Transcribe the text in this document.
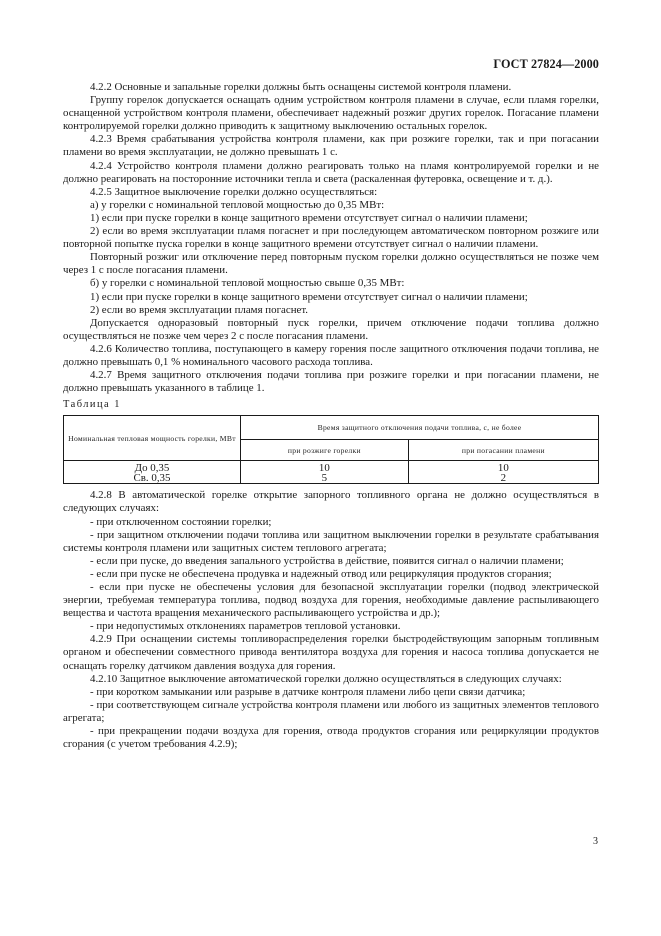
ГОСТ 27824—2000

4.2.2 Основные и запальные горелки должны быть оснащены системой контроля пламени.

Группу горелок допускается оснащать одним устройством контроля пламени в случае, если пламя горелки, оснащенной устройством контроля пламени, обеспечивает надежный розжиг других горелок. Погасание пламени контролируемой горелки должно приводить к защитному выключению остальных горелок.

4.2.3 Время срабатывания устройства контроля пламени, как при розжиге горелки, так и при погасании пламени во время эксплуатации, не должно превышать 1 с.

4.2.4 Устройство контроля пламени должно реагировать только на пламя контролируемой горелки и не должно реагировать на посторонние источники тепла и света (раскаленная футеровка, освещение и т. д.).

4.2.5 Защитное выключение горелки должно осуществляться:

а) у горелки с номинальной тепловой мощностью до 0,35 МВт:

1) если при пуске горелки в конце защитного времени отсутствует сигнал о наличии пламени;

2) если во время эксплуатации пламя погаснет и при последующем автоматическом повторном розжиге или повторной попытке пуска горелки в конце защитного времени отсутствует сигнал о наличии пламени.

Повторный розжиг или отключение перед повторным пуском горелки должно осуществляться не позже чем через 1 с после погасания пламени.

б) у горелки с номинальной тепловой мощностью свыше 0,35 МВт:

1) если при пуске горелки в конце защитного времени отсутствует сигнал о наличии пламени;

2) если во время эксплуатации пламя погаснет.

Допускается одноразовый повторный пуск горелки, причем отключение подачи топлива должно осуществляться не позже чем через 2 с после погасания пламени.

4.2.6 Количество топлива, поступающего в камеру горения после защитного отключения подачи топлива, не должно превышать 0,1 % номинального часового расхода топлива.

4.2.7 Время защитного отключения подачи топлива при розжиге горелки и при погасании пламени, не должно превышать указанного в таблице 1.

Таблица 1

Номинальная тепловая мощность горелки, МВт	Время защитного отключения подачи топлива, с, не более	
	при розжиге горелки	при погасании пламени
До 0,35	10	10
Св. 0,35	5	2

4.2.8 В автоматической горелке открытие запорного топливного органа не должно осуществляться в следующих случаях:

- при отключенном состоянии горелки;

- при защитном отключении подачи топлива или защитном выключении горелки в результате срабатывания системы контроля пламени или защитных систем теплового агрегата;

- если при пуске, до введения запального устройства в действие, появится сигнал о наличии пламени;

- если при пуске не обеспечена продувка и надежный отвод или рециркуляция продуктов сгорания;

- если при пуске не обеспечены условия для безопасной эксплуатации горелки (подвод электрической энергии, требуемая температура топлива, подвод воздуха для горения, необходимые давление распыливающего вещества и частота вращения механического распыливающего устройства и др.);

- при недопустимых отклонениях параметров тепловой установки.

4.2.9 При оснащении системы топливораспределения горелки быстродействующим запорным топливным органом и обеспечении совместного привода вентилятора воздуха для горения и насоса топлива допускается не оснащать горелку датчиком давления воздуха для горения.

4.2.10 Защитное выключение автоматической горелки должно осуществляться в следующих случаях:

- при коротком замыкании или разрыве в датчике контроля пламени либо цепи связи датчика;

- при соответствующем сигнале устройства контроля пламени или любого из защитных элементов теплового агрегата;

- при прекращении подачи воздуха для горения, отвода продуктов сгорания или рециркуляции продуктов сгорания (с учетом требования 4.2.9);

3
